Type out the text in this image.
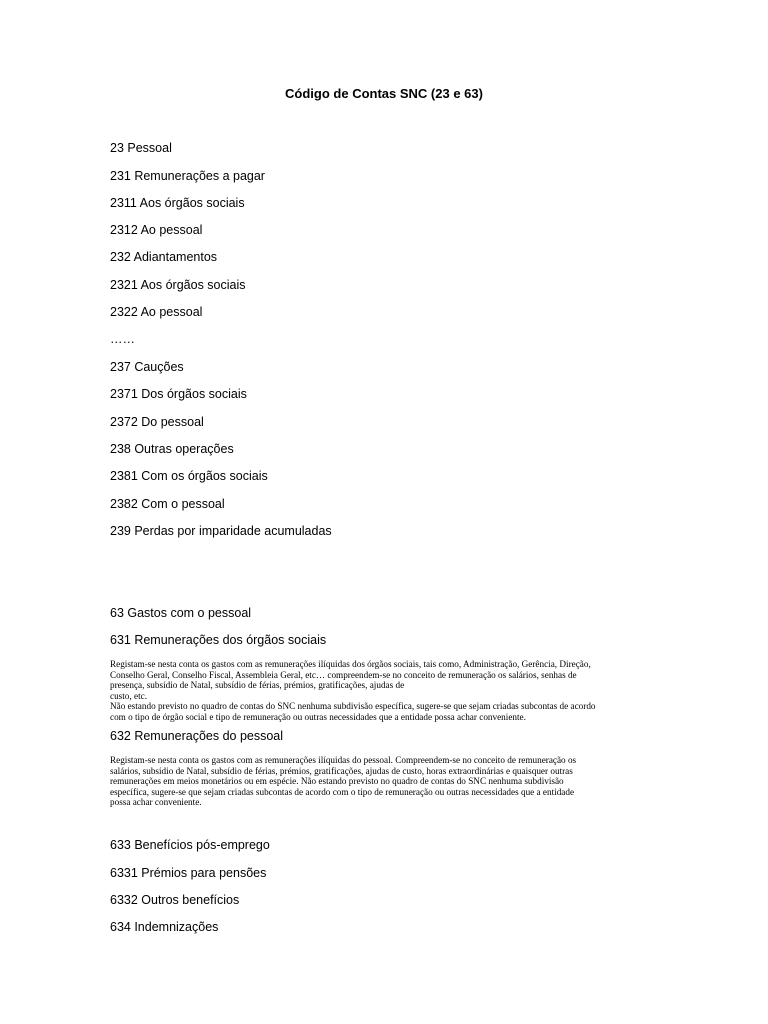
Código de Contas SNC (23 e 63)
23 Pessoal
231 Remunerações a pagar
2311 Aos órgãos sociais
2312 Ao pessoal
232 Adiantamentos
2321 Aos órgãos sociais
2322 Ao pessoal
……
237 Cauções
2371 Dos órgãos sociais
2372 Do pessoal
238 Outras operações
2381 Com os órgãos sociais
2382 Com o pessoal
239 Perdas por imparidade acumuladas
63 Gastos com o pessoal
631 Remunerações dos órgãos sociais
Registam-se nesta conta os gastos com as remunerações ilíquidas dos órgãos sociais, tais como, Administração, Gerência, Direção,
Conselho Geral, Conselho Fiscal, Assembleia Geral, etc… compreendem-se no conceito de remuneração os salários, senhas de
presença, subsídio de Natal, subsídio de férias, prémios, gratificações, ajudas de
custo, etc.
Não estando previsto no quadro de contas do SNC nenhuma subdivisão específica, sugere-se que sejam criadas subcontas de acordo
com o tipo de órgão social e tipo de remuneração ou outras necessidades que a entidade possa achar conveniente.
632 Remunerações do pessoal
Registam-se nesta conta os gastos com as remunerações ilíquidas do pessoal. Compreendem-se no conceito de remuneração os
salários, subsídio de Natal, subsídio de férias, prémios, gratificações, ajudas de custo, horas extraordinárias e quaisquer outras
remunerações em meios monetários ou em espécie. Não estando previsto no quadro de contas do SNC nenhuma subdivisão
específica, sugere-se que sejam criadas subcontas de acordo com o tipo de remuneração ou outras necessidades que a entidade
possa achar conveniente.
633 Benefícios pós-emprego
6331 Prémios para pensões
6332 Outros benefícios
634 Indemnizações
